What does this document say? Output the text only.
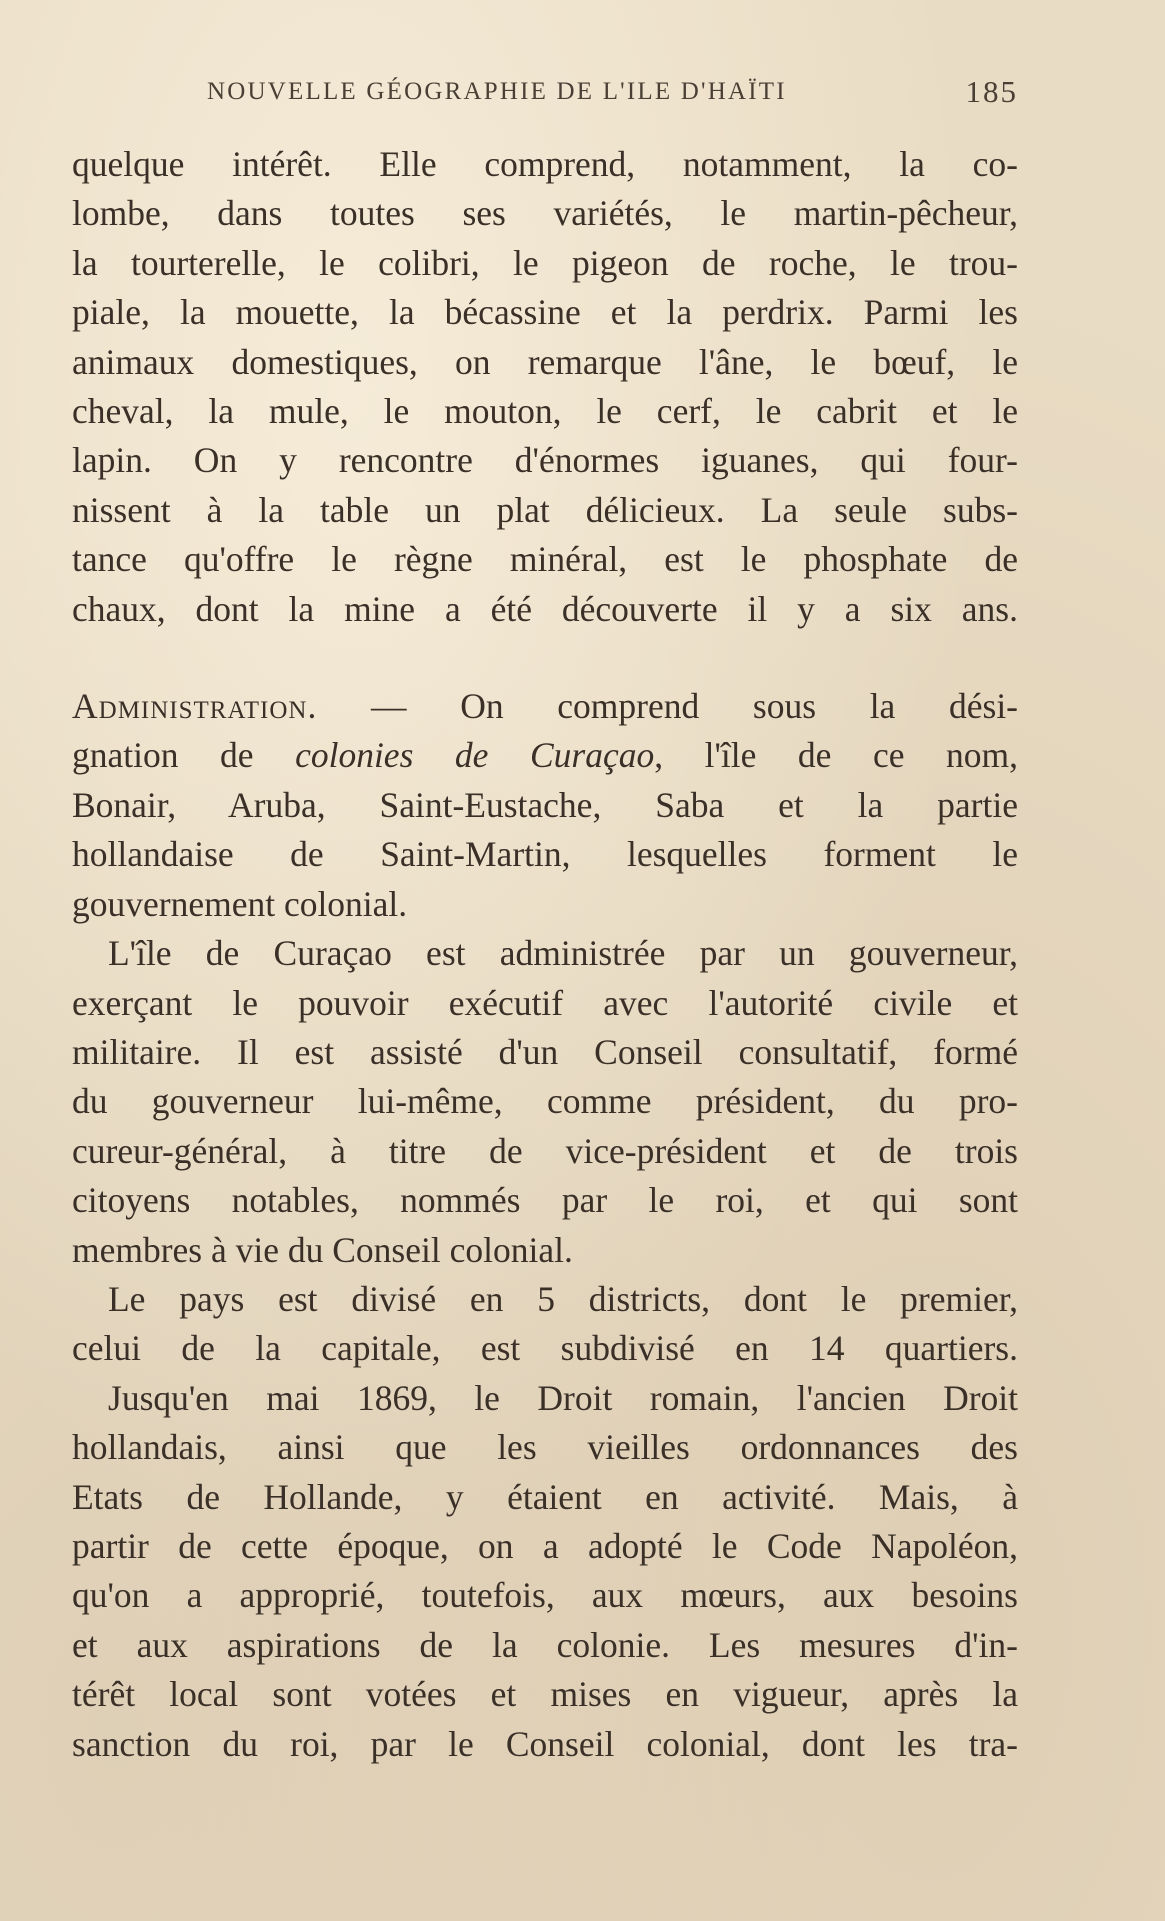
NOUVELLE GÉOGRAPHIE DE L'ILE D'HAÏTI	185

quelque intérêt. Elle comprend, notamment, la co-
lombe, dans toutes ses variétés, le martin-pêcheur,
la tourterelle, le colibri, le pigeon de roche, le trou-
piale, la mouette, la bécassine et la perdrix. Parmi les
animaux domestiques, on remarque l'âne, le bœuf, le
cheval, la mule, le mouton, le cerf, le cabrit et le
lapin. On y rencontre d'énormes iguanes, qui four-
nissent à la table un plat délicieux. La seule subs-
tance qu'offre le règne minéral, est le phosphate de
chaux, dont la mine a été découverte il y a six ans.

Administration. — On comprend sous la dési-
gnation de colonies de Curaçao, l'île de ce nom,
Bonair, Aruba, Saint-Eustache, Saba et la partie
hollandaise de Saint-Martin, lesquelles forment le
gouvernement colonial.

L'île de Curaçao est administrée par un gouverneur,
exerçant le pouvoir exécutif avec l'autorité civile et
militaire. Il est assisté d'un Conseil consultatif, formé
du gouverneur lui-même, comme président, du pro-
cureur-général, à titre de vice-président et de trois
citoyens notables, nommés par le roi, et qui sont
membres à vie du Conseil colonial.

Le pays est divisé en 5 districts, dont le premier,
celui de la capitale, est subdivisé en 14 quartiers.

Jusqu'en mai 1869, le Droit romain, l'ancien Droit
hollandais, ainsi que les vieilles ordonnances des
Etats de Hollande, y étaient en activité. Mais, à
partir de cette époque, on a adopté le Code Napoléon,
qu'on a approprié, toutefois, aux mœurs, aux besoins
et aux aspirations de la colonie. Les mesures d'in-
térêt local sont votées et mises en vigueur, après la
sanction du roi, par le Conseil colonial, dont les tra-
